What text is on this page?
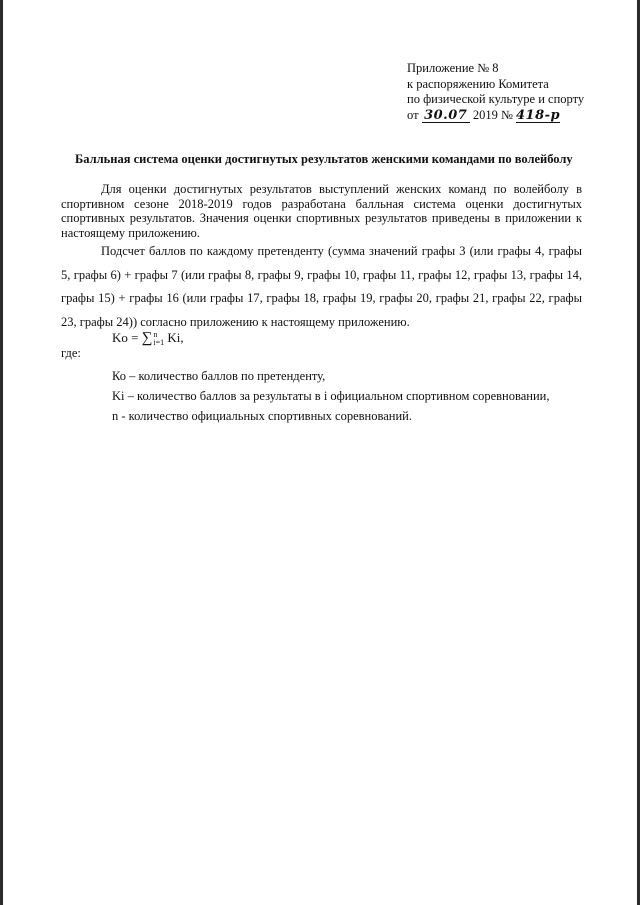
Приложение № 8
к распоряжению Комитета
по физической культуре и спорту
от 30.07 2019 № 418-р
Балльная система оценки достигнутых результатов женскими командами по волейболу
Для оценки достигнутых результатов выступлений женских команд по волейболу в спортивном сезоне 2018-2019 годов разработана балльная система оценки достигнутых спортивных результатов. Значения оценки спортивных результатов приведены в приложении к настоящему приложению.
Подсчет баллов по каждому претенденту (сумма значений графы 3 (или графы 4, графы 5, графы 6) + графы 7 (или графы 8, графы 9, графы 10, графы 11, графы 12, графы 13, графы 14, графы 15) + графы 16 (или графы 17, графы 18, графы 19, графы 20, графы 21, графы 22, графы 23, графы 24)) согласно приложению к настоящему приложению.
Ko = ∑ n
i=1 Ki,
где:
Ко – количество баллов по претенденту,
Ki – количество баллов за результаты в i официальном спортивном соревновании,
n - количество официальных спортивных соревнований.
